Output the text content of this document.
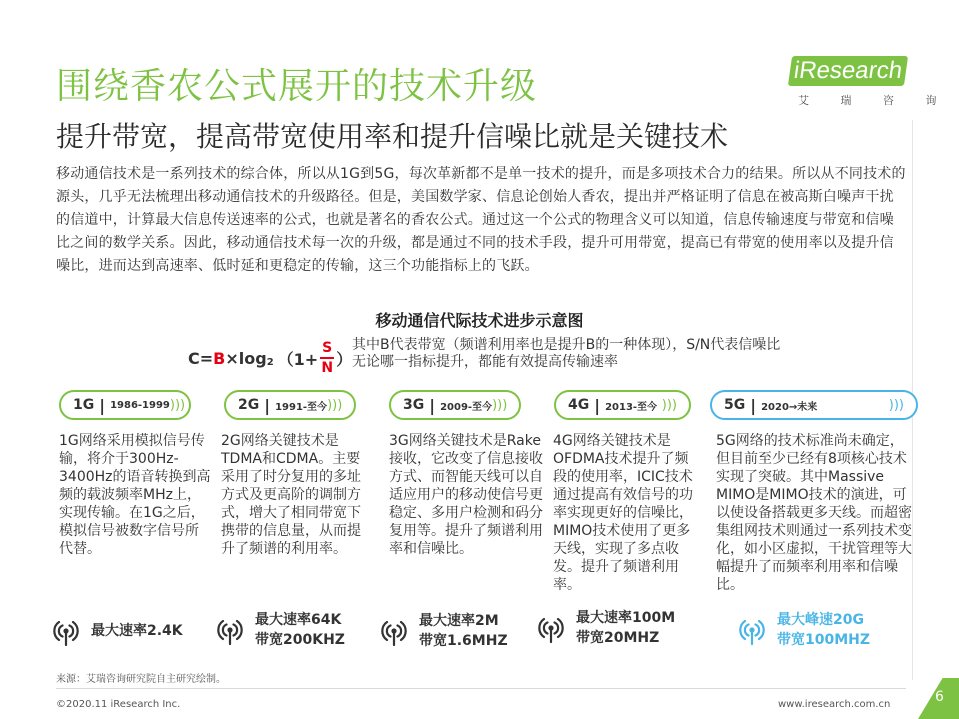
围绕香农公式展开的技术升级
提升带宽，提高带宽使用率和提升信噪比就是关键技术
iResearch
艾 瑞 咨 询
移动通信技术是一系列技术的综合体，所以从1G到5G，每次革新都不是单一技术的提升，而是多项技术合力的结果。所以从不同技术的源头，几乎无法梳理出移动通信技术的升级路径。但是，美国数学家、信息论创始人香农，提出并严格证明了信息在被高斯白噪声干扰的信道中，计算最大信息传送速率的公式，也就是著名的香农公式。通过这一个公式的物理含义可以知道，信息传输速度与带宽和信噪比之间的数学关系。因此，移动通信技术每一次的升级，都是通过不同的技术手段，提升可用带宽，提高已有带宽的使用率以及提升信噪比，进而达到高速率、低时延和更稳定的传输，这三个功能指标上的飞跃。
移动通信代际技术进步示意图
C=B×log2 （$1+ \frac{S}{N}$ ）
其中B代表带宽（频谱利用率也是提升B的一种体现），S/N代表信噪比
无论哪一指标提升，都能有效提高传输速率
1G | 1986-1999 )))	2G | 1991-至今 )))	3G | 2009-至今 )))	4G | 2013-至今 )))	5G | 2020→未来	)))
1G网络采用模拟信号传输，将介于300Hz-3400Hz的语音转换到高频的载波频率MHz上，实现传输。在1G之后，模拟信号被数字信号所代替。
2G网络关键技术是TDMA和CDMA。主要采用了时分复用的多址方式及更高阶的调制方式，增大了相同带宽下携带的信息量，从而提升了频谱的利用率。
3G网络关键技术是Rake接收，它改变了信息接收方式、而智能天线可以自适应用户的移动使信号更稳定、多用户检测和码分复用等。提升了频谱利用率和信噪比。
4G网络关键技术是OFDMA技术提升了频段的使用率，ICIC技术通过提高有效信号的功率实现更好的信噪比，MIMO技术使用了更多天线，实现了多点收发。提升了频谱利用率。
5G网络的技术标准尚未确定，但目前至少已经有8项核心技术实现了突破。其中Massive MIMO是MIMO技术的演进，可以使设备搭载更多天线。而超密集组网技术则通过一系列技术变化，如小区虚拟，干扰管理等大幅提升了而频率利用率和信噪比。
最大速率2.4K
最大速率64K
带宽200KHZ
最大速率2M
带宽1.6MHZ
最大速率100M
带宽20MHZ
最大峰速20G
带宽100MHZ
来源：艾瑞咨询研究院自主研究绘制。
©2020.11 iResearch Inc.	www.iresearch.com.cn	6
